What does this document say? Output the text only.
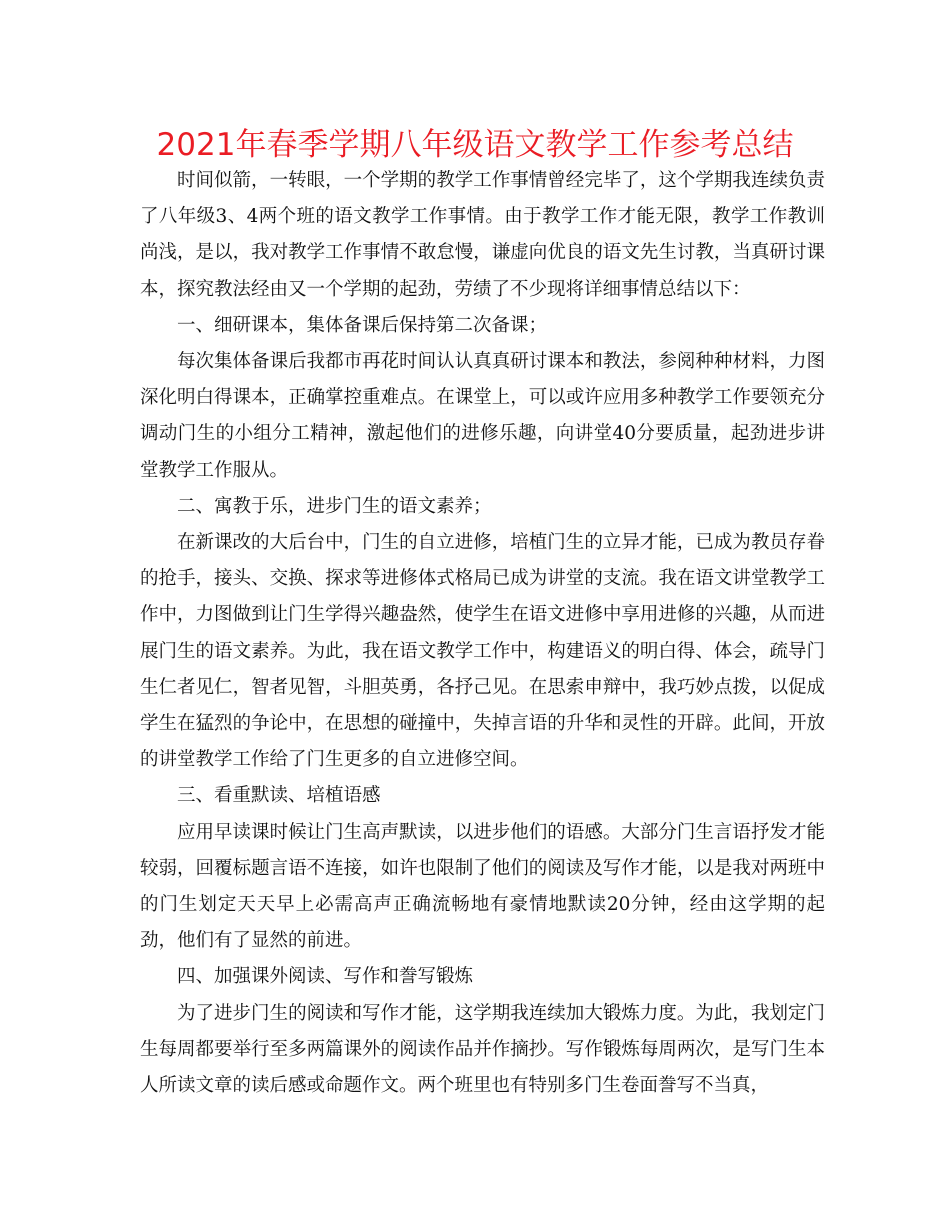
2021年春季学期八年级语文教学工作参考总结

时间似箭，一转眼，一个学期的教学工作事情曾经完毕了，这个学期我连续负责了八年级3、4两个班的语文教学工作事情。由于教学工作才能无限，教学工作教训尚浅，是以，我对教学工作事情不敢怠慢，谦虚向优良的语文先生讨教，当真研讨课本，探究教法经由又一个学期的起劲，劳绩了不少现将详细事情总结以下：

一、细研课本，集体备课后保持第二次备课；

每次集体备课后我都市再花时间认认真真研讨课本和教法，参阅种种材料，力图深化明白得课本，正确掌控重难点。在课堂上，可以或许应用多种教学工作要领充分调动门生的小组分工精神，激起他们的进修乐趣，向讲堂40分要质量，起劲进步讲堂教学工作服从。

二、寓教于乐，进步门生的语文素养；

在新课改的大后台中，门生的自立进修，培植门生的立异才能，已成为教员存眷的抢手，接头、交换、探求等进修体式格局已成为讲堂的支流。我在语文讲堂教学工作中，力图做到让门生学得兴趣盎然，使学生在语文进修中享用进修的兴趣，从而进展门生的语文素养。为此，我在语文教学工作中，构建语义的明白得、体会，疏导门生仁者见仁，智者见智，斗胆英勇，各抒己见。在思索申辩中，我巧妙点拨，以促成学生在猛烈的争论中，在思想的碰撞中，失掉言语的升华和灵性的开辟。此间，开放的讲堂教学工作给了门生更多的自立进修空间。

三、看重默读、培植语感

应用早读课时候让门生高声默读，以进步他们的语感。大部分门生言语抒发才能较弱，回覆标题言语不连接，如许也限制了他们的阅读及写作才能，以是我对两班中的门生划定天天早上必需高声正确流畅地有豪情地默读20分钟，经由这学期的起劲，他们有了显然的前进。

四、加强课外阅读、写作和誊写锻炼

为了进步门生的阅读和写作才能，这学期我连续加大锻炼力度。为此，我划定门生每周都要举行至多两篇课外的阅读作品并作摘抄。写作锻炼每周两次，是写门生本人所读文章的读后感或命题作文。两个班里也有特别多门生卷面誊写不当真，
